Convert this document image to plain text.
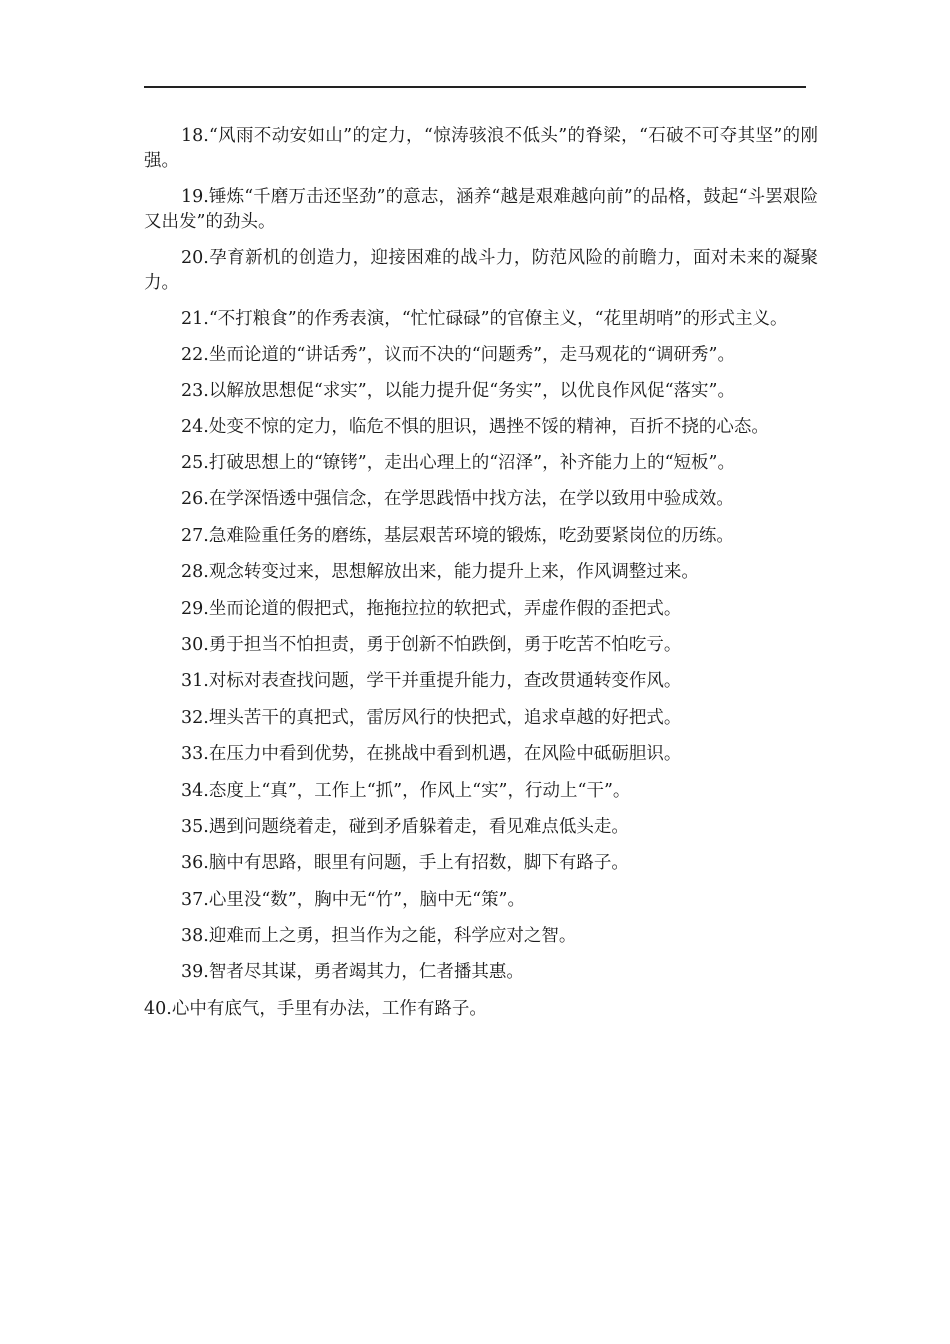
18.“风雨不动安如山”的定力，“惊涛骇浪不低头”的脊梁，“石破不可夺其坚”的刚强。

19.锤炼“千磨万击还坚劲”的意志，涵养“越是艰难越向前”的品格，鼓起“斗罢艰险又出发”的劲头。

20.孕育新机的创造力，迎接困难的战斗力，防范风险的前瞻力，面对未来的凝聚力。

21.“不打粮食”的作秀表演，“忙忙碌碌”的官僚主义，“花里胡哨”的形式主义。

22.坐而论道的“讲话秀”，议而不决的“问题秀”，走马观花的“调研秀”。

23.以解放思想促“求实”，以能力提升促“务实”，以优良作风促“落实”。

24.处变不惊的定力，临危不惧的胆识，遇挫不馁的精神，百折不挠的心态。

25.打破思想上的“镣铐”，走出心理上的“沼泽”，补齐能力上的“短板”。

26.在学深悟透中强信念，在学思践悟中找方法，在学以致用中验成效。

27.急难险重任务的磨练，基层艰苦环境的锻炼，吃劲要紧岗位的历练。

28.观念转变过来，思想解放出来，能力提升上来，作风调整过来。

29.坐而论道的假把式，拖拖拉拉的软把式，弄虚作假的歪把式。

30.勇于担当不怕担责，勇于创新不怕跌倒，勇于吃苦不怕吃亏。

31.对标对表查找问题，学干并重提升能力，查改贯通转变作风。

32.埋头苦干的真把式，雷厉风行的快把式，追求卓越的好把式。

33.在压力中看到优势，在挑战中看到机遇，在风险中砥砺胆识。

34.态度上“真”，工作上“抓”，作风上“实”，行动上“干”。

35.遇到问题绕着走，碰到矛盾躲着走，看见难点低头走。

36.脑中有思路，眼里有问题，手上有招数，脚下有路子。

37.心里没“数”，胸中无“竹”，脑中无“策”。

38.迎难而上之勇，担当作为之能，科学应对之智。

39.智者尽其谋，勇者竭其力，仁者播其惠。

40.心中有底气，手里有办法，工作有路子。
